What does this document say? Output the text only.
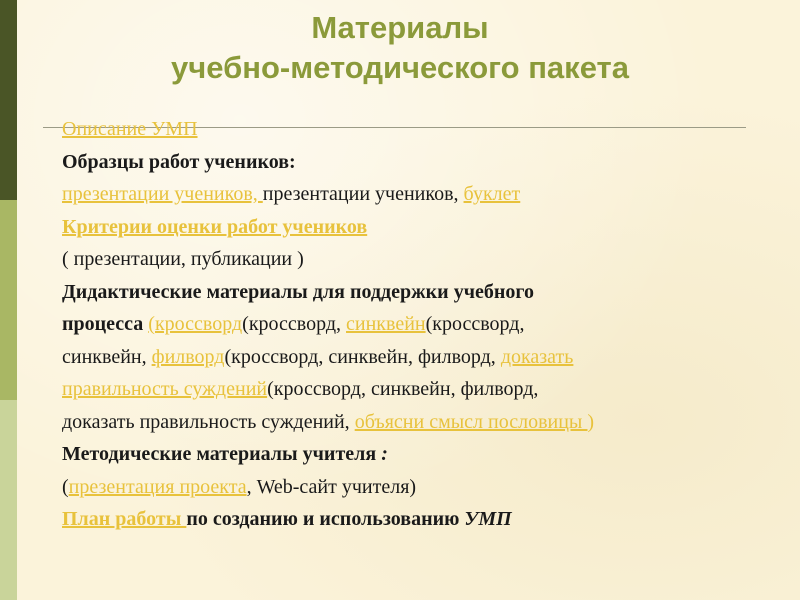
Материалы
учебно-методического пакета
Описание УМП
Образцы работ учеников:
презентации учеников, презентации учеников, буклет
Критерии оценки работ учеников
( презентации, публикации )
Дидактические материалы для поддержки учебного
процесса (кроссворд(кроссворд, синквейн(кроссворд,
синквейн, филворд(кроссворд, синквейн, филворд, доказать
правильность суждений(кроссворд, синквейн, филворд,
доказать правильность суждений, объясни смысл пословицы )
Методические материалы учителя :
(презентация проекта, Web-сайт учителя)
План работы по созданию и использованию УМП
